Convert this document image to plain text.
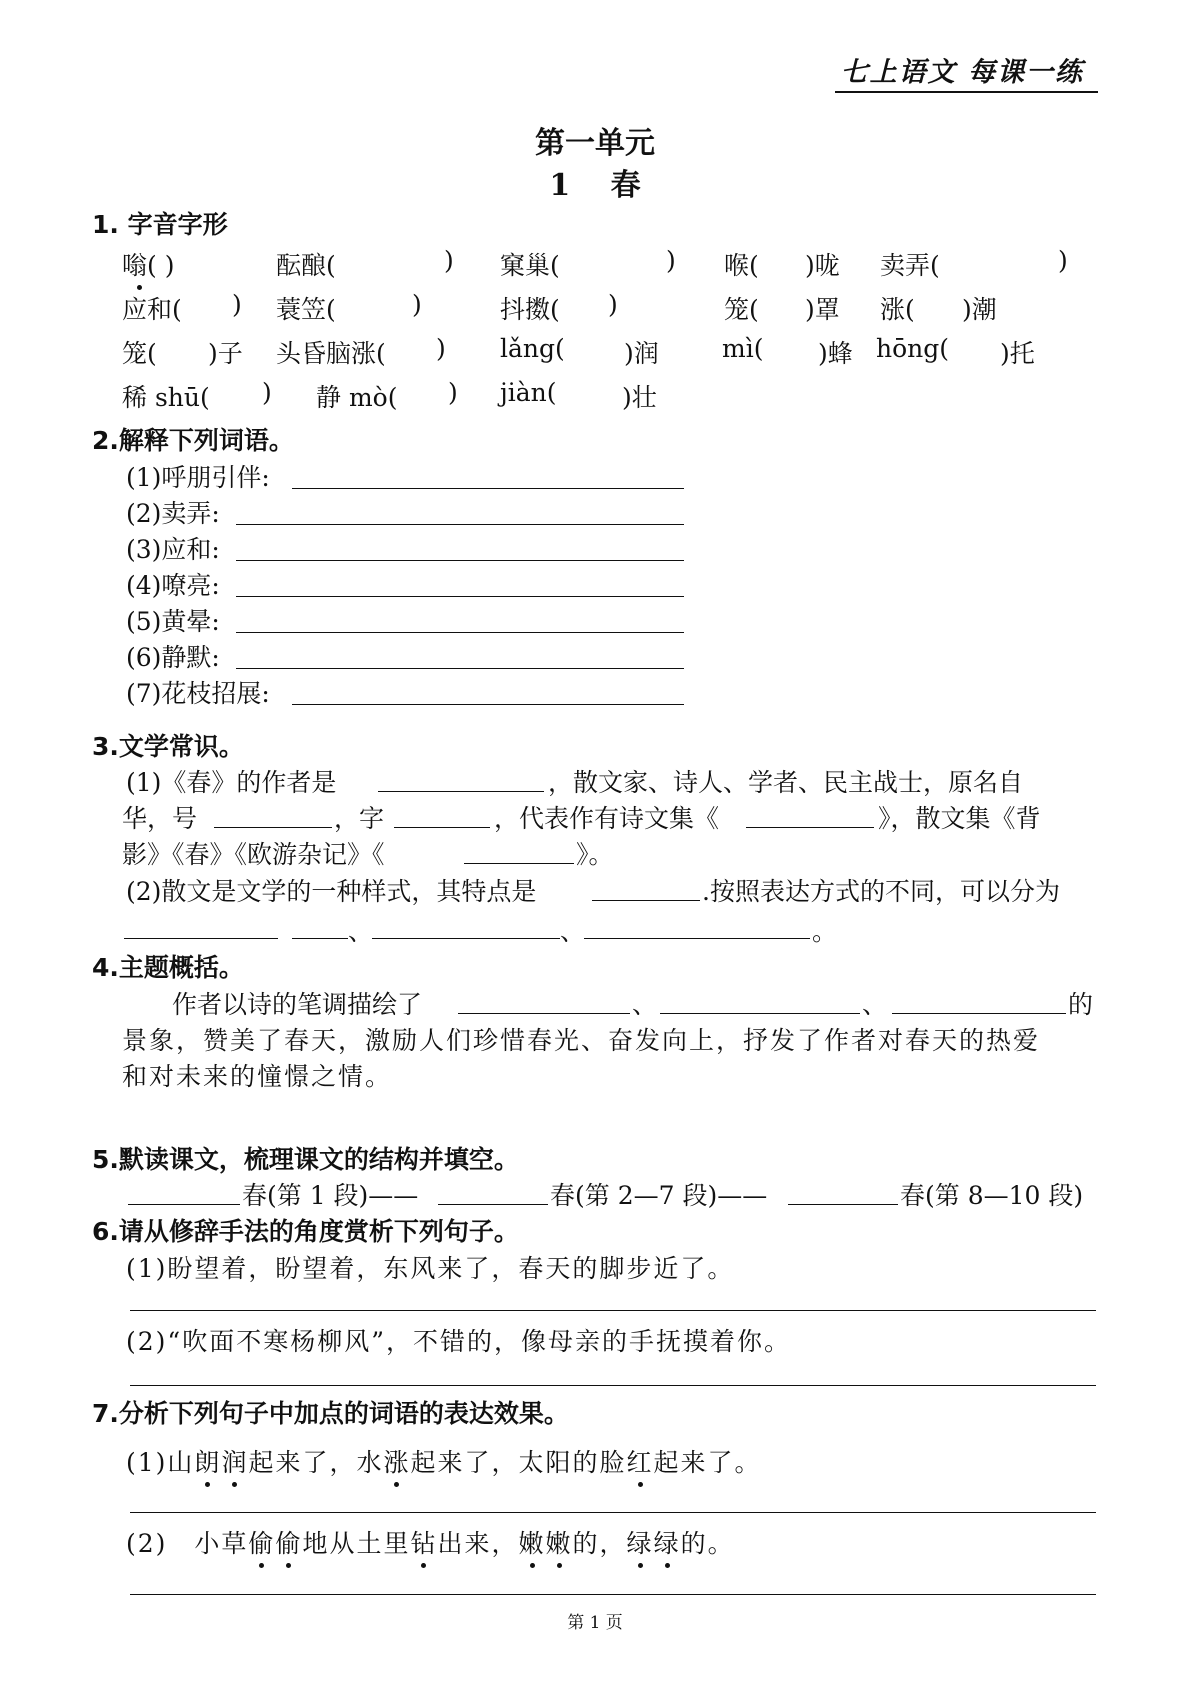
七上语文 每课一练
第一单元
1　 春
1. 字音字形
嗡( )	酝酿(	) 窠巢(	) 喉( )咙 卖弄(	)
应和( ) 蓑笠(	)	抖擞( )	笼( )罩 涨( )潮
笼( )子 头昏脑涨( ) lǎng( )润	mì( )蜂 hōng( )托
稀 shū( ) 静 mò( ) jiàn(	)壮
2.解释下列词语。
(1)呼朋引伴:
(2)卖弄:
(3)应和:
(4)嘹亮:
(5)黄晕:
(6)静默:
(7)花枝招展:
3.文学常识。
(1)《春》的作者是	，散文家、诗人、学者、民主战士，原名自
华，号	，字	，代表作有诗文集《	》，散文集《背
影》《春》《欧游杂记》《	》。
(2)散文是文学的一种样式，其特点是	.按照表达方式的不同，可以分为
、	、	。
4.主题概括。
作者以诗的笔调描绘了	、	、	的
景象，赞美了春天，激励人们珍惜春光、奋发向上，抒发了作者对春天的热爱
和对未来的憧憬之情。
5.默读课文，梳理课文的结构并填空。
春(第 1 段)——	春(第 2—7 段)——	春(第 8—10 段)
6.请从修辞手法的角度赏析下列句子。
(1)盼望着，盼望着，东风来了，春天的脚步近了。
(2)“吹面不寒杨柳风”，不错的，像母亲的手抚摸着你。
7.分析下列句子中加点的词语的表达效果。
(1)山朗润起来了，水涨起来了，太阳的脸红起来了。
(2)　小草偷偷地从土里钻出来，嫩嫩的，绿绿的。
第 1 页
